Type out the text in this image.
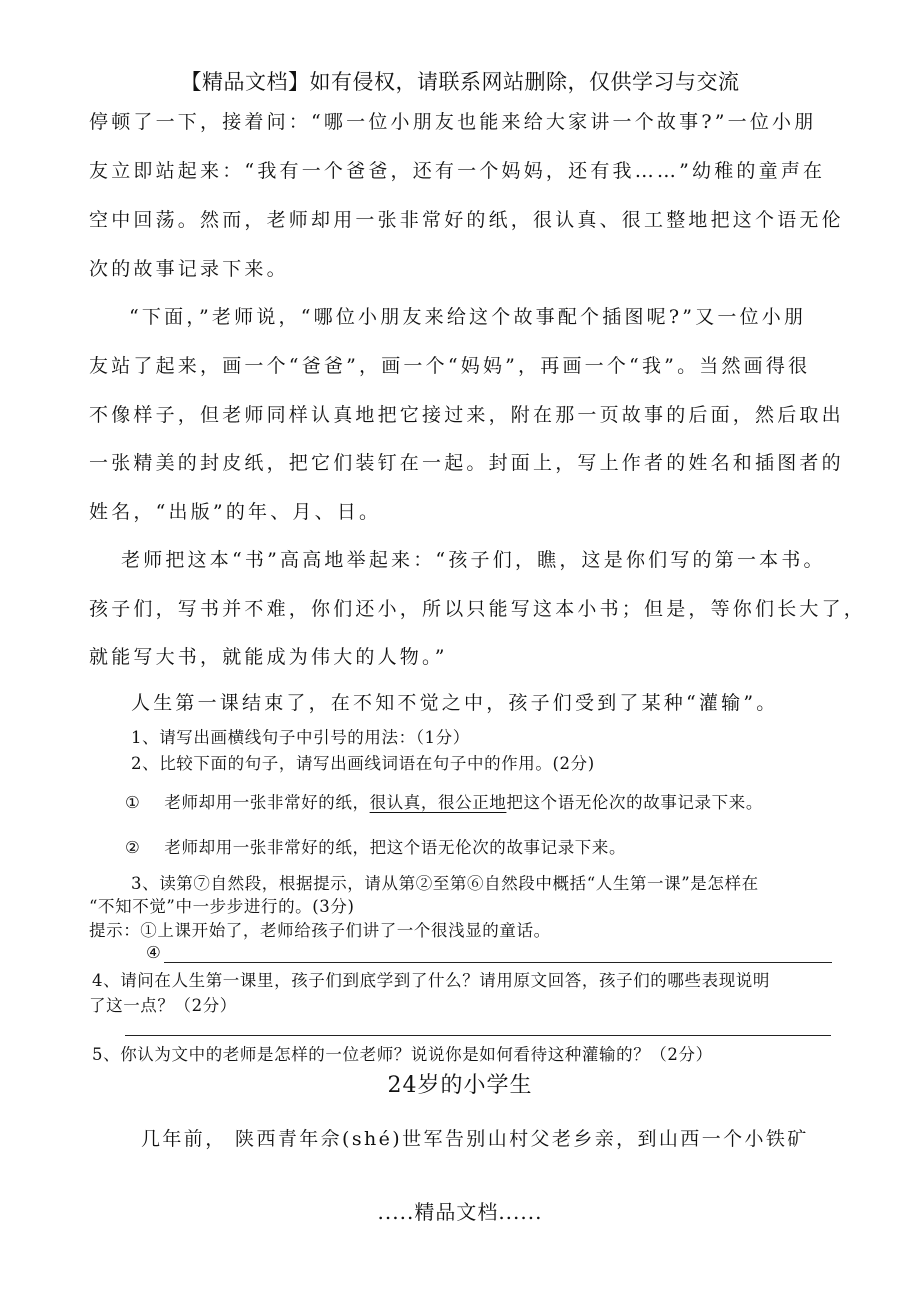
【精品文档】如有侵权，请联系网站删除，仅供学习与交流
停顿了一下，接着问：“哪一位小朋友也能来给大家讲一个故事?”一位小朋
友立即站起来：“我有一个爸爸，还有一个妈妈，还有我……”幼稚的童声在
空中回荡。然而，老师却用一张非常好的纸，很认真、很工整地把这个语无伦
次的故事记录下来。
“下面，”老师说，“哪位小朋友来给这个故事配个插图呢?”又一位小朋
友站了起来，画一个“爸爸”，画一个“妈妈”，再画一个“我”。当然画得很
不像样子，但老师同样认真地把它接过来，附在那一页故事的后面，然后取出
一张精美的封皮纸，把它们装钉在一起。封面上，写上作者的姓名和插图者的
姓名，“出版”的年、月、日。
老师把这本“书”高高地举起来：“孩子们，瞧，这是你们写的第一本书。
孩子们，写书并不难，你们还小，所以只能写这本小书；但是，等你们长大了，
就能写大书，就能成为伟大的人物。”
人生第一课结束了，在不知不觉之中，孩子们受到了某种“灌输”。
1、请写出画横线句子中引号的用法：（1分）
2、比较下面的句子，请写出画线词语在句子中的作用。(2分)
① 老师却用一张非常好的纸，很认真，很公正地把这个语无伦次的故事记录下来。
② 老师却用一张非常好的纸，把这个语无伦次的故事记录下来。
3、读第⑦自然段，根据提示，请从第②至第⑥自然段中概括“人生第一课”是怎样在
“不知不觉”中一步步进行的。(3分)
提示：①上课开始了，老师给孩子们讲了一个很浅显的童话。
④
4、请问在人生第一课里，孩子们到底学到了什么？请用原文回答，孩子们的哪些表现说明
了这一点？（2分）
5、你认为文中的老师是怎样的一位老师？说说你是如何看待这种灌输的？（2分）
24岁的小学生
几年前， 陕西青年佘(shé)世军告别山村父老乡亲，到山西一个小铁矿
.....精品文档......
